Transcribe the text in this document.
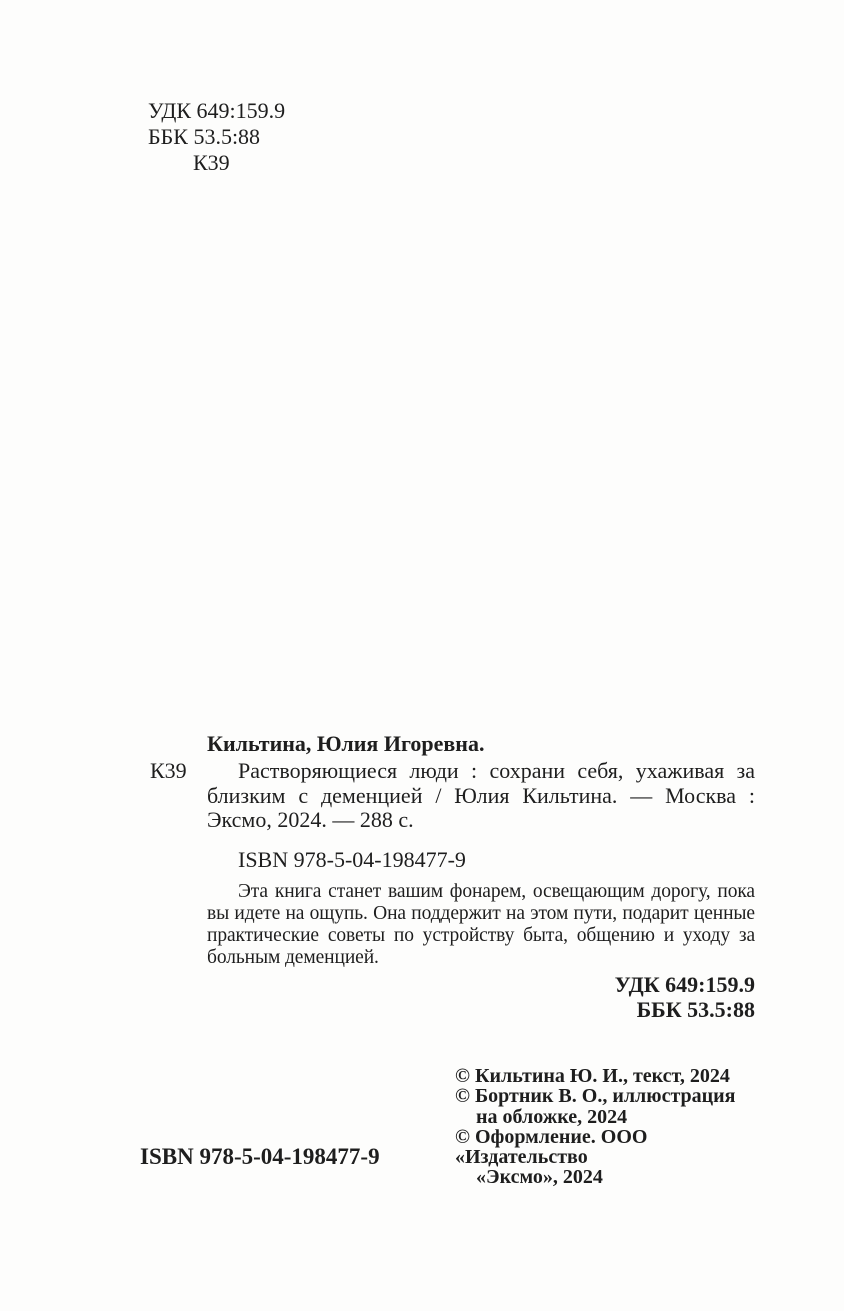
УДК 649:159.9
ББК 53.5:88
К39
Кильтина, Юлия Игоревна.
К39	Растворяющиеся люди : сохрани себя, ухаживая за близким с деменцией / Юлия Кильтина. — Москва : Эксмо, 2024. — 288 с.
ISBN 978-5-04-198477-9
Эта книга станет вашим фонарем, освещающим дорогу, пока вы идете на ощупь. Она поддержит на этом пути, подарит ценные практические советы по устройству быта, общению и уходу за больным деменцией.
УДК 649:159.9
ББК 53.5:88
© Кильтина Ю. И., текст, 2024
© Бортник В. О., иллюстрация
на обложке, 2024
© Оформление. ООО «Издательство
«Эксмо», 2024
ISBN 978-5-04-198477-9
